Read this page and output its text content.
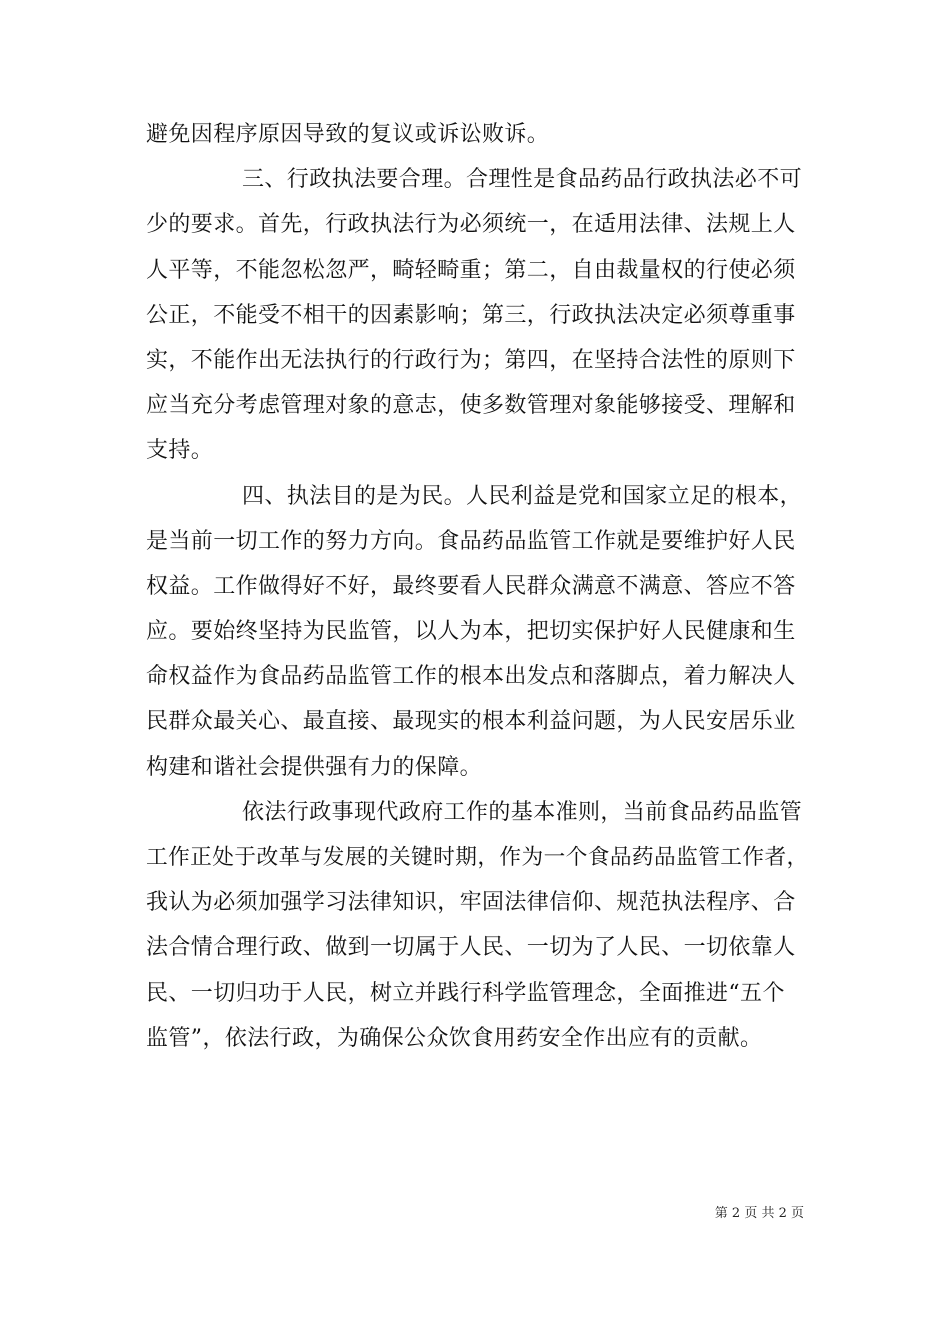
避免因程序原因导致的复议或诉讼败诉。
三、行政执法要合理。合理性是食品药品行政执法必不可
少的要求。首先，行政执法行为必须统一，在适用法律、法规上人
人平等，不能忽松忽严，畸轻畸重；第二，自由裁量权的行使必须
公正，不能受不相干的因素影响；第三，行政执法决定必须尊重事
实，不能作出无法执行的行政行为；第四，在坚持合法性的原则下
应当充分考虑管理对象的意志，使多数管理对象能够接受、理解和
支持。
四、执法目的是为民。人民利益是党和国家立足的根本，
是当前一切工作的努力方向。食品药品监管工作就是要维护好人民
权益。工作做得好不好，最终要看人民群众满意不满意、答应不答
应。要始终坚持为民监管，以人为本，把切实保护好人民健康和生
命权益作为食品药品监管工作的根本出发点和落脚点，着力解决人
民群众最关心、最直接、最现实的根本利益问题，为人民安居乐业
构建和谐社会提供强有力的保障。
依法行政事现代政府工作的基本准则，当前食品药品监管
工作正处于改革与发展的关键时期，作为一个食品药品监管工作者，
我认为必须加强学习法律知识，牢固法律信仰、规范执法程序、合
法合情合理行政、做到一切属于人民、一切为了人民、一切依靠人
民、一切归功于人民，树立并践行科学监管理念，全面推进“五个
监管”，依法行政，为确保公众饮食用药安全作出应有的贡献。
第 2 页 共 2 页
